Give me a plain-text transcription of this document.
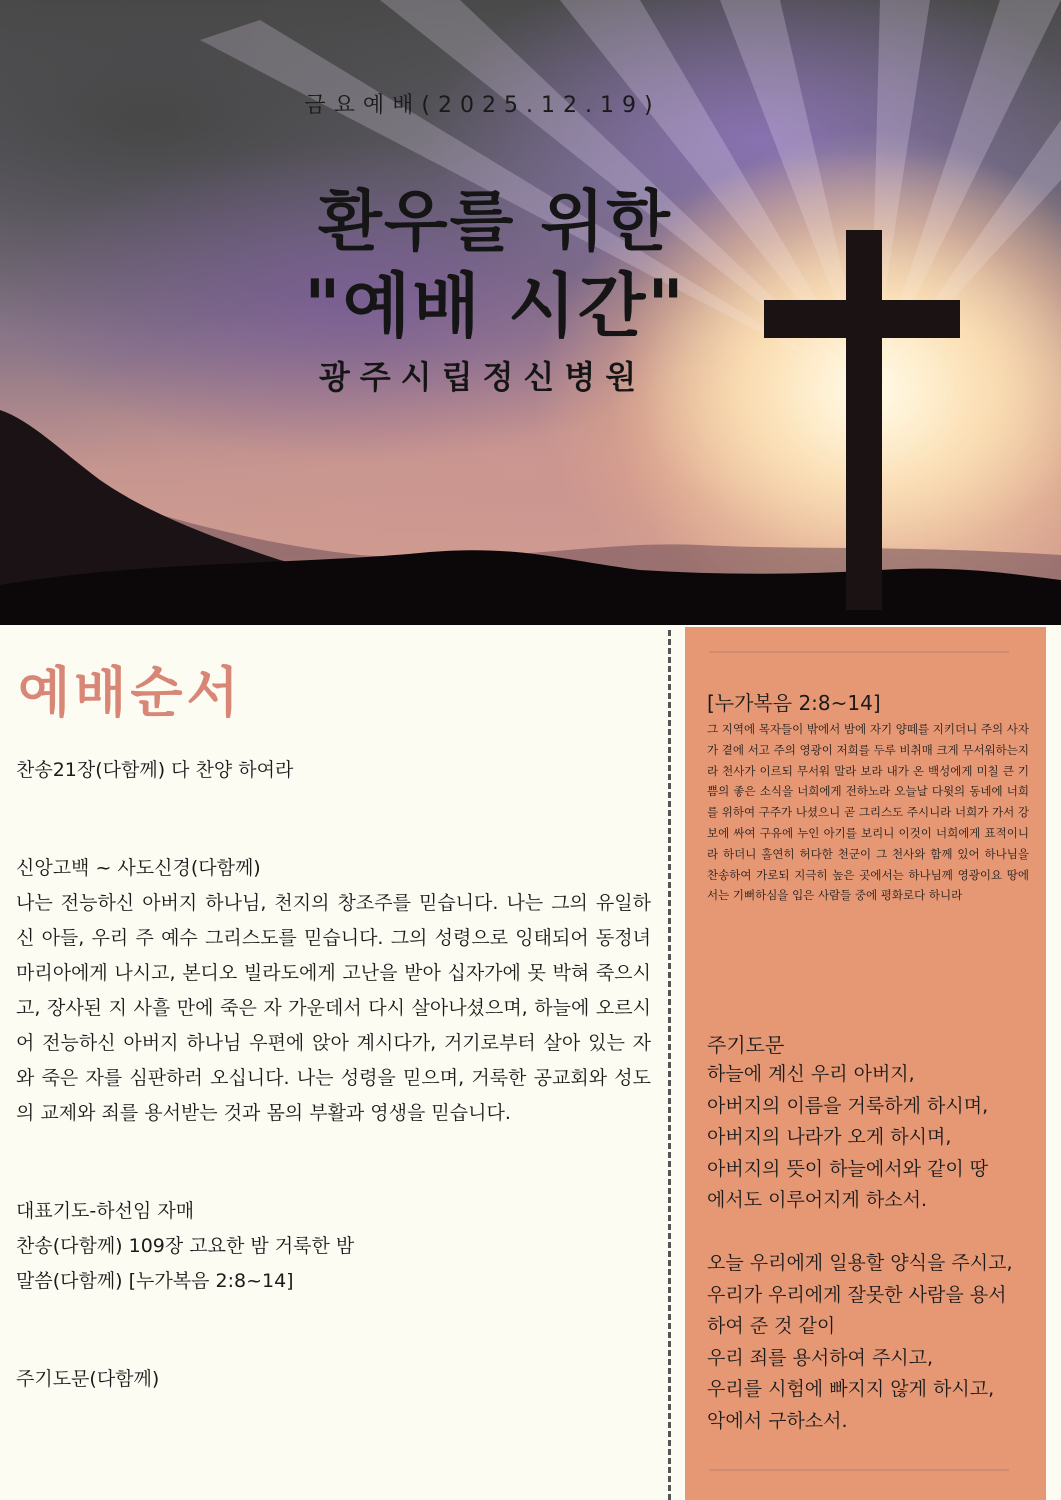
금요예배(2025.12.19)
환우를 위한
"예배 시간"
광주시립정신병원
예배순서

찬송21장(다함께) 다 찬양 하여라

신앙고백 ~ 사도신경(다함께)

나는 전능하신 아버지 하나님, 천지의 창조주를 믿습니다. 나는 그의 유일하신 아들, 우리 주 예수 그리스도를 믿습니다. 그의 성령으로 잉태되어 동정녀 마리아에게 나시고, 본디오 빌라도에게 고난을 받아 십자가에 못 박혀 죽으시고, 장사된 지 사흘 만에 죽은 자 가운데서 다시 살아나셨으며, 하늘에 오르시어 전능하신 아버지 하나님 우편에 앉아 계시다가, 거기로부터 살아 있는 자와 죽은 자를 심판하러 오십니다. 나는 성령을 믿으며, 거룩한 공교회와 성도의 교제와 죄를 용서받는 것과 몸의 부활과 영생을 믿습니다.

대표기도-하선임 자매

찬송(다함께) 109장 고요한 밤 거룩한 밤

말씀(다함께) [누가복음 2:8~14]

주기도문(다함께)

[누가복음 2:8~14]
그 지역에 목자들이 밖에서 밤에 자기 양떼를 지키더니 주의 사자가 곁에 서고 주의 영광이 저희를 두루 비취매 크게 무서워하는지라 천사가 이르되 무서워 말라 보라 내가 온 백성에게 미칠 큰 기쁨의 좋은 소식을 너희에게 전하노라 오늘날 다윗의 동네에 너희를 위하여 구주가 나셨으니 곧 그리스도 주시니라 너희가 가서 강보에 싸여 구유에 누인 아기를 보리니 이것이 너희에게 표적이니라 하더니 홀연히 허다한 천군이 그 천사와 함께 있어 하나님을 찬송하여 가로되 지극히 높은 곳에서는 하나님께 영광이요 땅에서는 기뻐하심을 입은 사람들 중에 평화로다 하니라
주기도문
하늘에 계신 우리 아버지,
아버지의 이름을 거룩하게 하시며,
아버지의 나라가 오게 하시며,
아버지의 뜻이 하늘에서와 같이 땅
에서도 이루어지게 하소서.
오늘 우리에게 일용할 양식을 주시고,
우리가 우리에게 잘못한 사람을 용서
하여 준 것 같이
우리 죄를 용서하여 주시고,
우리를 시험에 빠지지 않게 하시고,
악에서 구하소서.
